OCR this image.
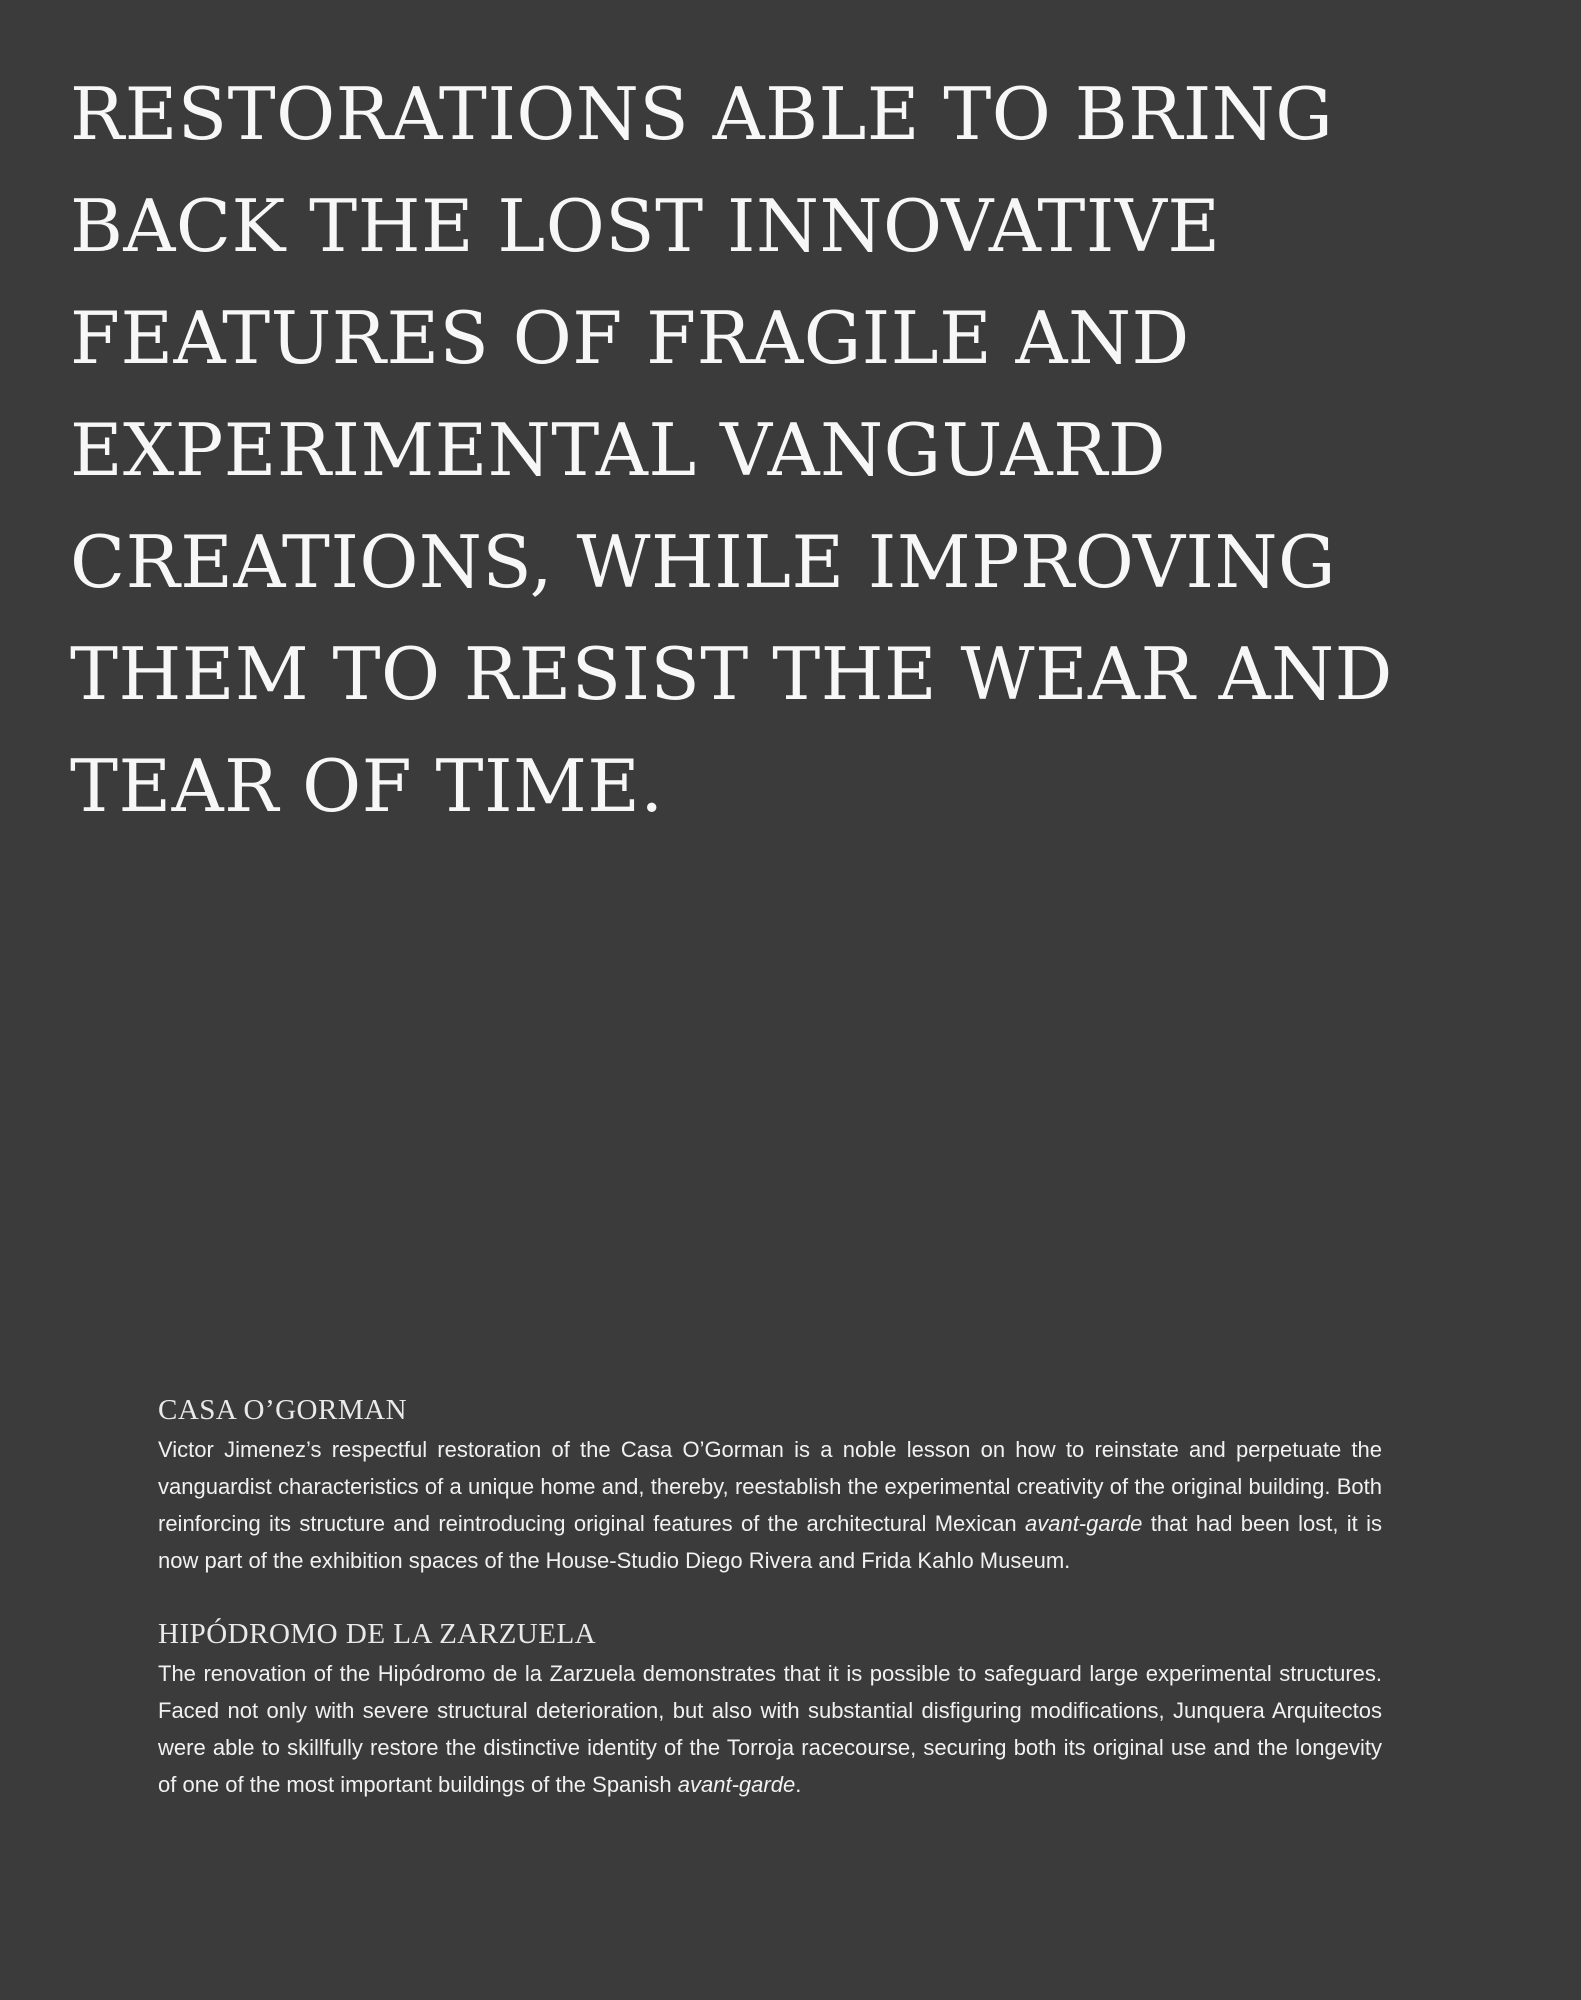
RESTORATIONS ABLE TO BRING
BACK THE LOST INNOVATIVE
FEATURES OF FRAGILE AND
EXPERIMENTAL VANGUARD
CREATIONS, WHILE IMPROVING
THEM TO RESIST THE WEAR AND
TEAR OF TIME.
CASA O’GORMAN

Victor Jimenez’s respectful restoration of the Casa O’Gorman is a noble lesson on how to reinstate and perpetuate the vanguardist characteristics of a unique home and, thereby, reestablish the experimental creativity of the original building. Both reinforcing its structure and reintroducing original features of the architectural Mexican avant-garde that had been lost, it is now part of the exhibition spaces of the House-Studio Diego Rivera and Frida Kahlo Museum.

HIPÓDROMO DE LA ZARZUELA

The renovation of the Hipódromo de la Zarzuela demonstrates that it is possible to safeguard large experimental structures. Faced not only with severe structural deterioration, but also with substantial disfiguring modifications, Junquera Arquitectos were able to skillfully restore the distinctive identity of the Torroja racecourse, securing both its original use and the longevity of one of the most important buildings of the Spanish avant-garde.
